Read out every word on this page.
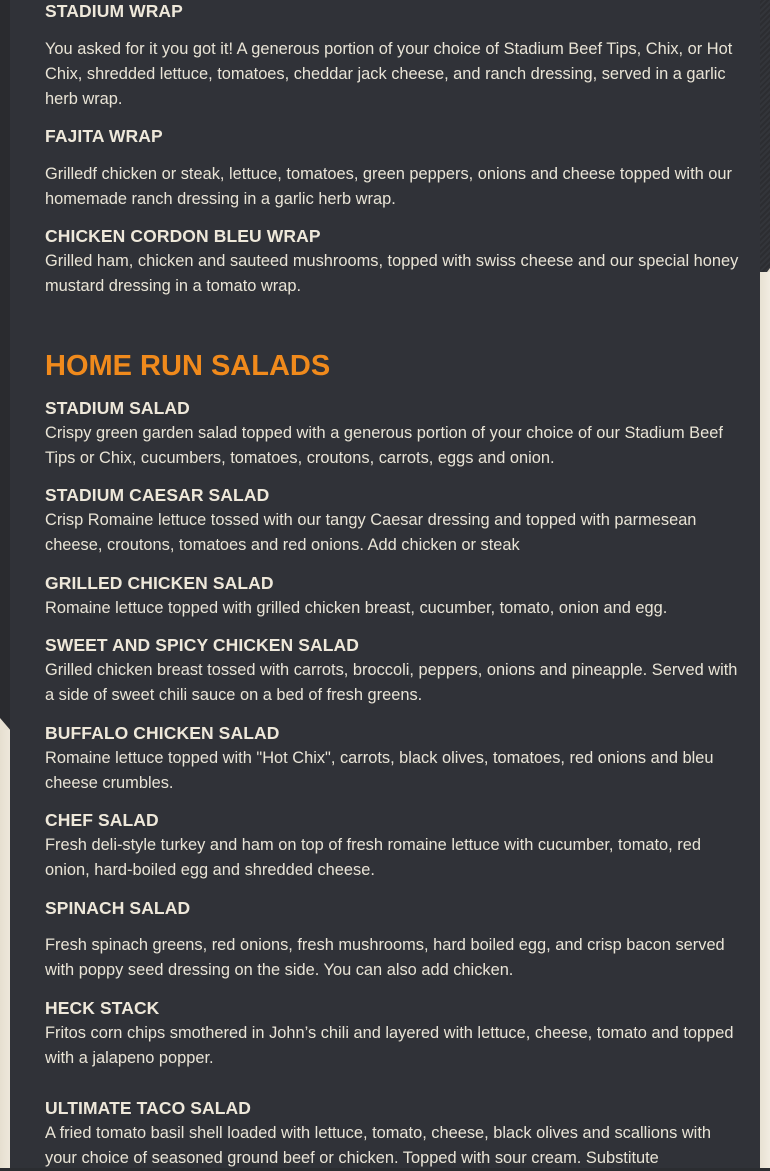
STADIUM WRAP

You asked for it you got it! A generous portion of your choice of Stadium Beef Tips, Chix, or Hot Chix, shredded lettuce, tomatoes, cheddar jack cheese, and ranch dressing, served in a garlic herb wrap.

FAJITA WRAP

Grilledf chicken or steak, lettuce, tomatoes, green peppers, onions and cheese topped with our homemade ranch dressing in a garlic herb wrap.

CHICKEN CORDON BLEU WRAP

Grilled ham, chicken and sauteed mushrooms, topped with swiss cheese and our special honey mustard dressing in a tomato wrap.

HOME RUN SALADS
STADIUM SALAD

Crispy green garden salad topped with a generous portion of your choice of our Stadium Beef Tips or Chix, cucumbers, tomatoes, croutons, carrots, eggs and onion.

STADIUM CAESAR SALAD

Crisp Romaine lettuce tossed with our tangy Caesar dressing and topped with parmesean cheese, croutons, tomatoes and red onions. Add chicken or steak

GRILLED CHICKEN SALAD

Romaine lettuce topped with grilled chicken breast, cucumber, tomato, onion and egg.

SWEET AND SPICY CHICKEN SALAD

Grilled chicken breast tossed with carrots, broccoli, peppers, onions and pineapple. Served with a side of sweet chili sauce on a bed of fresh greens.

BUFFALO CHICKEN SALAD

Romaine lettuce topped with "Hot Chix", carrots, black olives, tomatoes, red onions and bleu cheese crumbles.

CHEF SALAD

Fresh deli-style turkey and ham on top of fresh romaine lettuce with cucumber, tomato, red onion, hard-boiled egg and shredded cheese.

SPINACH SALAD

Fresh spinach greens, red onions, fresh mushrooms, hard boiled egg, and crisp bacon served with poppy seed dressing on the side. You can also add chicken.

HECK STACK

Fritos corn chips smothered in John’s chili and layered with lettuce, cheese, tomato and topped with a jalapeno popper.

ULTIMATE TACO SALAD

A fried tomato basil shell loaded with lettuce, tomato, cheese, black olives and scallions with your choice of seasoned ground beef or chicken. Topped with sour cream. Substitute
